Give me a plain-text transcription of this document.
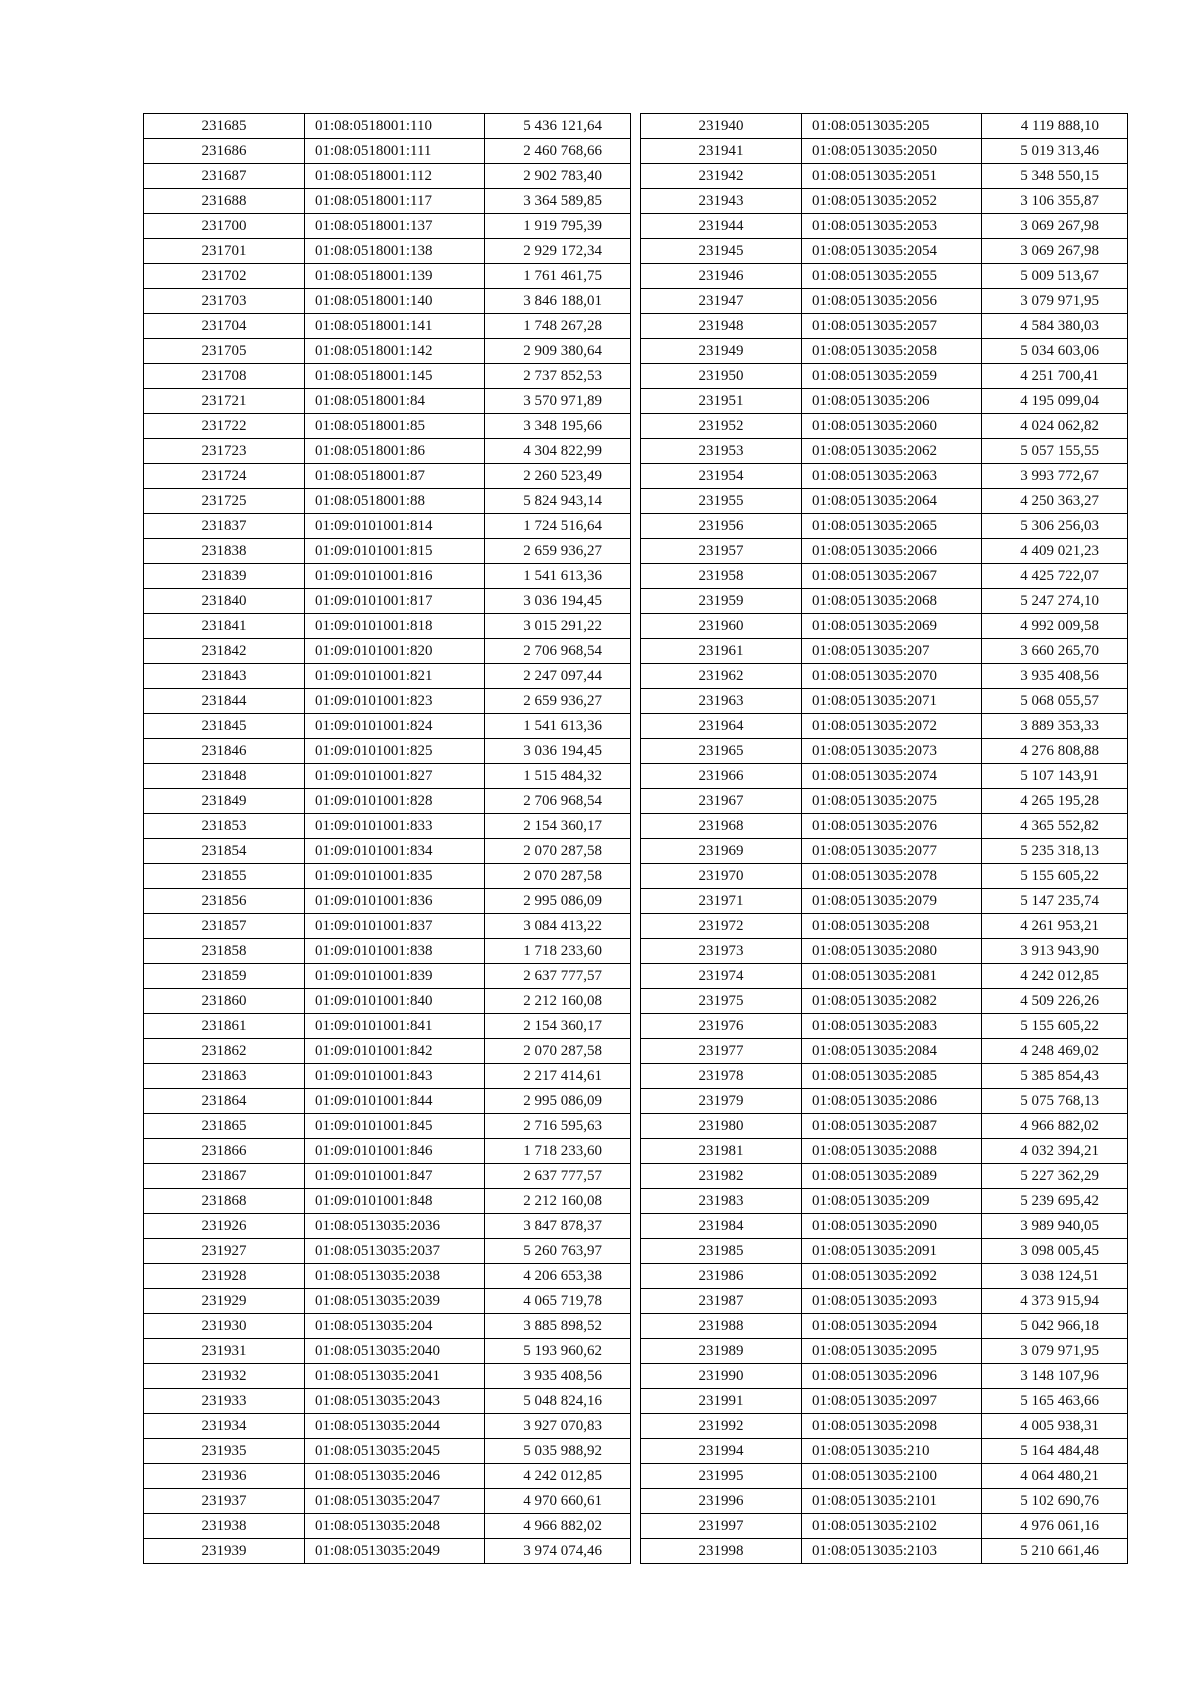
231685	01:08:0518001:110	5 436 121,64
231686	01:08:0518001:111	2 460 768,66
231687	01:08:0518001:112	2 902 783,40
231688	01:08:0518001:117	3 364 589,85
231700	01:08:0518001:137	1 919 795,39
231701	01:08:0518001:138	2 929 172,34
231702	01:08:0518001:139	1 761 461,75
231703	01:08:0518001:140	3 846 188,01
231704	01:08:0518001:141	1 748 267,28
231705	01:08:0518001:142	2 909 380,64
231708	01:08:0518001:145	2 737 852,53
231721	01:08:0518001:84	3 570 971,89
231722	01:08:0518001:85	3 348 195,66
231723	01:08:0518001:86	4 304 822,99
231724	01:08:0518001:87	2 260 523,49
231725	01:08:0518001:88	5 824 943,14
231837	01:09:0101001:814	1 724 516,64
231838	01:09:0101001:815	2 659 936,27
231839	01:09:0101001:816	1 541 613,36
231840	01:09:0101001:817	3 036 194,45
231841	01:09:0101001:818	3 015 291,22
231842	01:09:0101001:820	2 706 968,54
231843	01:09:0101001:821	2 247 097,44
231844	01:09:0101001:823	2 659 936,27
231845	01:09:0101001:824	1 541 613,36
231846	01:09:0101001:825	3 036 194,45
231848	01:09:0101001:827	1 515 484,32
231849	01:09:0101001:828	2 706 968,54
231853	01:09:0101001:833	2 154 360,17
231854	01:09:0101001:834	2 070 287,58
231855	01:09:0101001:835	2 070 287,58
231856	01:09:0101001:836	2 995 086,09
231857	01:09:0101001:837	3 084 413,22
231858	01:09:0101001:838	1 718 233,60
231859	01:09:0101001:839	2 637 777,57
231860	01:09:0101001:840	2 212 160,08
231861	01:09:0101001:841	2 154 360,17
231862	01:09:0101001:842	2 070 287,58
231863	01:09:0101001:843	2 217 414,61
231864	01:09:0101001:844	2 995 086,09
231865	01:09:0101001:845	2 716 595,63
231866	01:09:0101001:846	1 718 233,60
231867	01:09:0101001:847	2 637 777,57
231868	01:09:0101001:848	2 212 160,08
231926	01:08:0513035:2036	3 847 878,37
231927	01:08:0513035:2037	5 260 763,97
231928	01:08:0513035:2038	4 206 653,38
231929	01:08:0513035:2039	4 065 719,78
231930	01:08:0513035:204	3 885 898,52
231931	01:08:0513035:2040	5 193 960,62
231932	01:08:0513035:2041	3 935 408,56
231933	01:08:0513035:2043	5 048 824,16
231934	01:08:0513035:2044	3 927 070,83
231935	01:08:0513035:2045	5 035 988,92
231936	01:08:0513035:2046	4 242 012,85
231937	01:08:0513035:2047	4 970 660,61
231938	01:08:0513035:2048	4 966 882,02
231939	01:08:0513035:2049	3 974 074,46
231940	01:08:0513035:205	4 119 888,10
231941	01:08:0513035:2050	5 019 313,46
231942	01:08:0513035:2051	5 348 550,15
231943	01:08:0513035:2052	3 106 355,87
231944	01:08:0513035:2053	3 069 267,98
231945	01:08:0513035:2054	3 069 267,98
231946	01:08:0513035:2055	5 009 513,67
231947	01:08:0513035:2056	3 079 971,95
231948	01:08:0513035:2057	4 584 380,03
231949	01:08:0513035:2058	5 034 603,06
231950	01:08:0513035:2059	4 251 700,41
231951	01:08:0513035:206	4 195 099,04
231952	01:08:0513035:2060	4 024 062,82
231953	01:08:0513035:2062	5 057 155,55
231954	01:08:0513035:2063	3 993 772,67
231955	01:08:0513035:2064	4 250 363,27
231956	01:08:0513035:2065	5 306 256,03
231957	01:08:0513035:2066	4 409 021,23
231958	01:08:0513035:2067	4 425 722,07
231959	01:08:0513035:2068	5 247 274,10
231960	01:08:0513035:2069	4 992 009,58
231961	01:08:0513035:207	3 660 265,70
231962	01:08:0513035:2070	3 935 408,56
231963	01:08:0513035:2071	5 068 055,57
231964	01:08:0513035:2072	3 889 353,33
231965	01:08:0513035:2073	4 276 808,88
231966	01:08:0513035:2074	5 107 143,91
231967	01:08:0513035:2075	4 265 195,28
231968	01:08:0513035:2076	4 365 552,82
231969	01:08:0513035:2077	5 235 318,13
231970	01:08:0513035:2078	5 155 605,22
231971	01:08:0513035:2079	5 147 235,74
231972	01:08:0513035:208	4 261 953,21
231973	01:08:0513035:2080	3 913 943,90
231974	01:08:0513035:2081	4 242 012,85
231975	01:08:0513035:2082	4 509 226,26
231976	01:08:0513035:2083	5 155 605,22
231977	01:08:0513035:2084	4 248 469,02
231978	01:08:0513035:2085	5 385 854,43
231979	01:08:0513035:2086	5 075 768,13
231980	01:08:0513035:2087	4 966 882,02
231981	01:08:0513035:2088	4 032 394,21
231982	01:08:0513035:2089	5 227 362,29
231983	01:08:0513035:209	5 239 695,42
231984	01:08:0513035:2090	3 989 940,05
231985	01:08:0513035:2091	3 098 005,45
231986	01:08:0513035:2092	3 038 124,51
231987	01:08:0513035:2093	4 373 915,94
231988	01:08:0513035:2094	5 042 966,18
231989	01:08:0513035:2095	3 079 971,95
231990	01:08:0513035:2096	3 148 107,96
231991	01:08:0513035:2097	5 165 463,66
231992	01:08:0513035:2098	4 005 938,31
231994	01:08:0513035:210	5 164 484,48
231995	01:08:0513035:2100	4 064 480,21
231996	01:08:0513035:2101	5 102 690,76
231997	01:08:0513035:2102	4 976 061,16
231998	01:08:0513035:2103	5 210 661,46
